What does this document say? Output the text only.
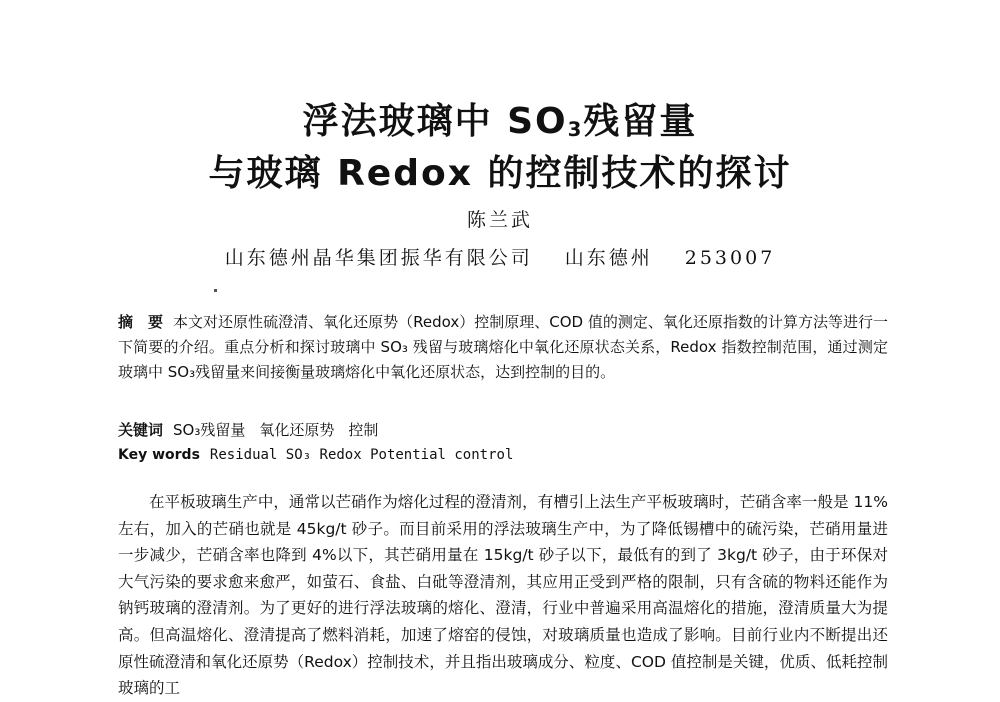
浮法玻璃中 $SO_3$残留量
与玻璃 Redox 的控制技术的探讨
陈兰武
山东德州晶华集团振华有限公司 山东德州 253007
摘　要 本文对还原性硫澄清、氧化还原势（Redox）控制原理、COD 值的测定、氧化还原指数的计算方法等进行一下简要的介绍。重点分析和探讨玻璃中 SO₃ 残留与玻璃熔化中氧化还原状态关系，Redox 指数控制范围，通过测定玻璃中 SO₃残留量来间接衡量玻璃熔化中氧化还原状态，达到控制的目的。
关键词 SO₃残留量 氧化还原势 控制
Key words Residual SO₃ Redox Potential control
在平板玻璃生产中，通常以芒硝作为熔化过程的澄清剂，有槽引上法生产平板玻璃时，芒硝含率一般是 11%左右，加入的芒硝也就是 45kg/t 砂子。而目前采用的浮法玻璃生产中，为了降低锡槽中的硫污染，芒硝用量进一步减少，芒硝含率也降到 4%以下，其芒硝用量在 15kg/t 砂子以下，最低有的到了 3kg/t 砂子，由于环保对大气污染的要求愈来愈严，如萤石、食盐、白砒等澄清剂，其应用正受到严格的限制，只有含硫的物料还能作为钠钙玻璃的澄清剂。为了更好的进行浮法玻璃的熔化、澄清，行业中普遍采用高温熔化的措施，澄清质量大为提高。但高温熔化、澄清提高了燃料消耗，加速了熔窑的侵蚀，对玻璃质量也造成了影响。目前行业内不断提出还原性硫澄清和氧化还原势（Redox）控制技术，并且指出玻璃成分、粒度、COD 值控制是关键，优质、低耗控制玻璃的工
